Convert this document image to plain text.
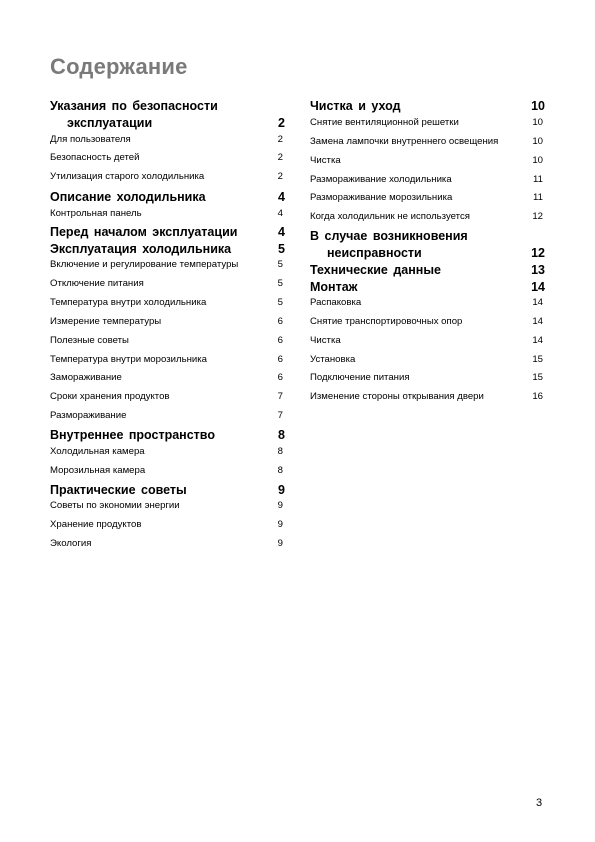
Содержание
Указания по безопасности
эксплуатации	2
Для пользователя	2
Безопасность детей	2
Утилизация старого холодильника	2
Описание холодильника	4
Контрольная панель	4
Перед началом эксплуатации	4
Эксплуатация холодильника	5
Включение и регулирование температуры	5
Отключение питания	5
Температура внутри холодильника	5
Измерение температуры	6
Полезные советы	6
Температура внутри морозильника	6
Замораживание	6
Сроки хранения продуктов	7
Размораживание	7
Внутреннее пространство	8
Холодильная камера	8
Морозильная камера	8
Практические советы	9
Советы по экономии энергии	9
Хранение продуктов	9
Экология	9
Чистка и уход	10
Снятие вентиляционной решетки	10
Замена лампочки внутреннего освещения	10
Чистка	10
Размораживание холодильника	11
Размораживание морозильника	11
Когда холодильник не используется	12
В случае возникновения
неисправности	12
Технические данные	13
Монтаж	14
Распаковка	14
Снятие транспортировочных опор	14
Чистка	14
Установка	15
Подключение питания	15
Изменение стороны открывания двери	16
3
